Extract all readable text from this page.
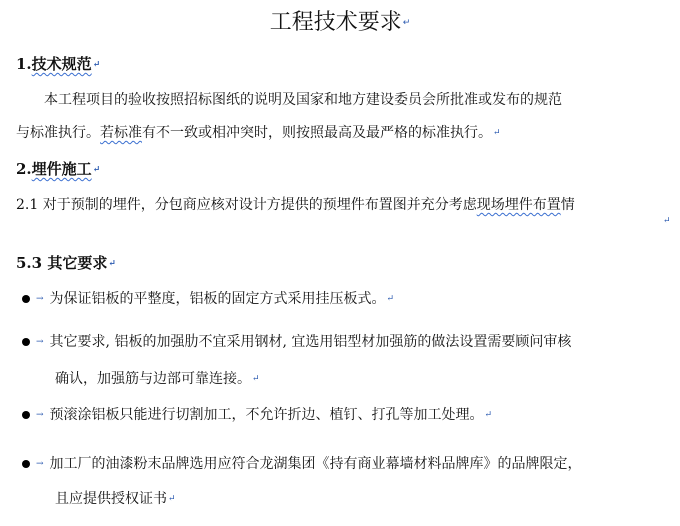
工程技术要求↵
1.技术规范↵
本工程项目的验收按照招标图纸的说明及国家和地方建设委员会所批准或发布的规范
与标准执行。若标准有不一致或相冲突时，则按照最高及最严格的标准执行。↵
2.埋件施工↵
2.1 对于预制的埋件，分包商应核对设计方提供的预埋件布置图并充分考虑现场埋件布置情
↵
5.3 其它要求↵
→ 为保证铝板的平整度，铝板的固定方式采用挂压板式。↵
→ 其它要求, 铝板的加强肋不宜采用钢材, 宜选用铝型材加强筋的做法设置需要顾问审核
确认，加强筋与边部可靠连接。↵
→ 预滚涂铝板只能进行切割加工，不允许折边、植钉、打孔等加工处理。↵
→ 加工厂的油漆粉末品牌选用应符合龙湖集团《持有商业幕墙材料品牌库》的品牌限定，
且应提供授权证书↵
